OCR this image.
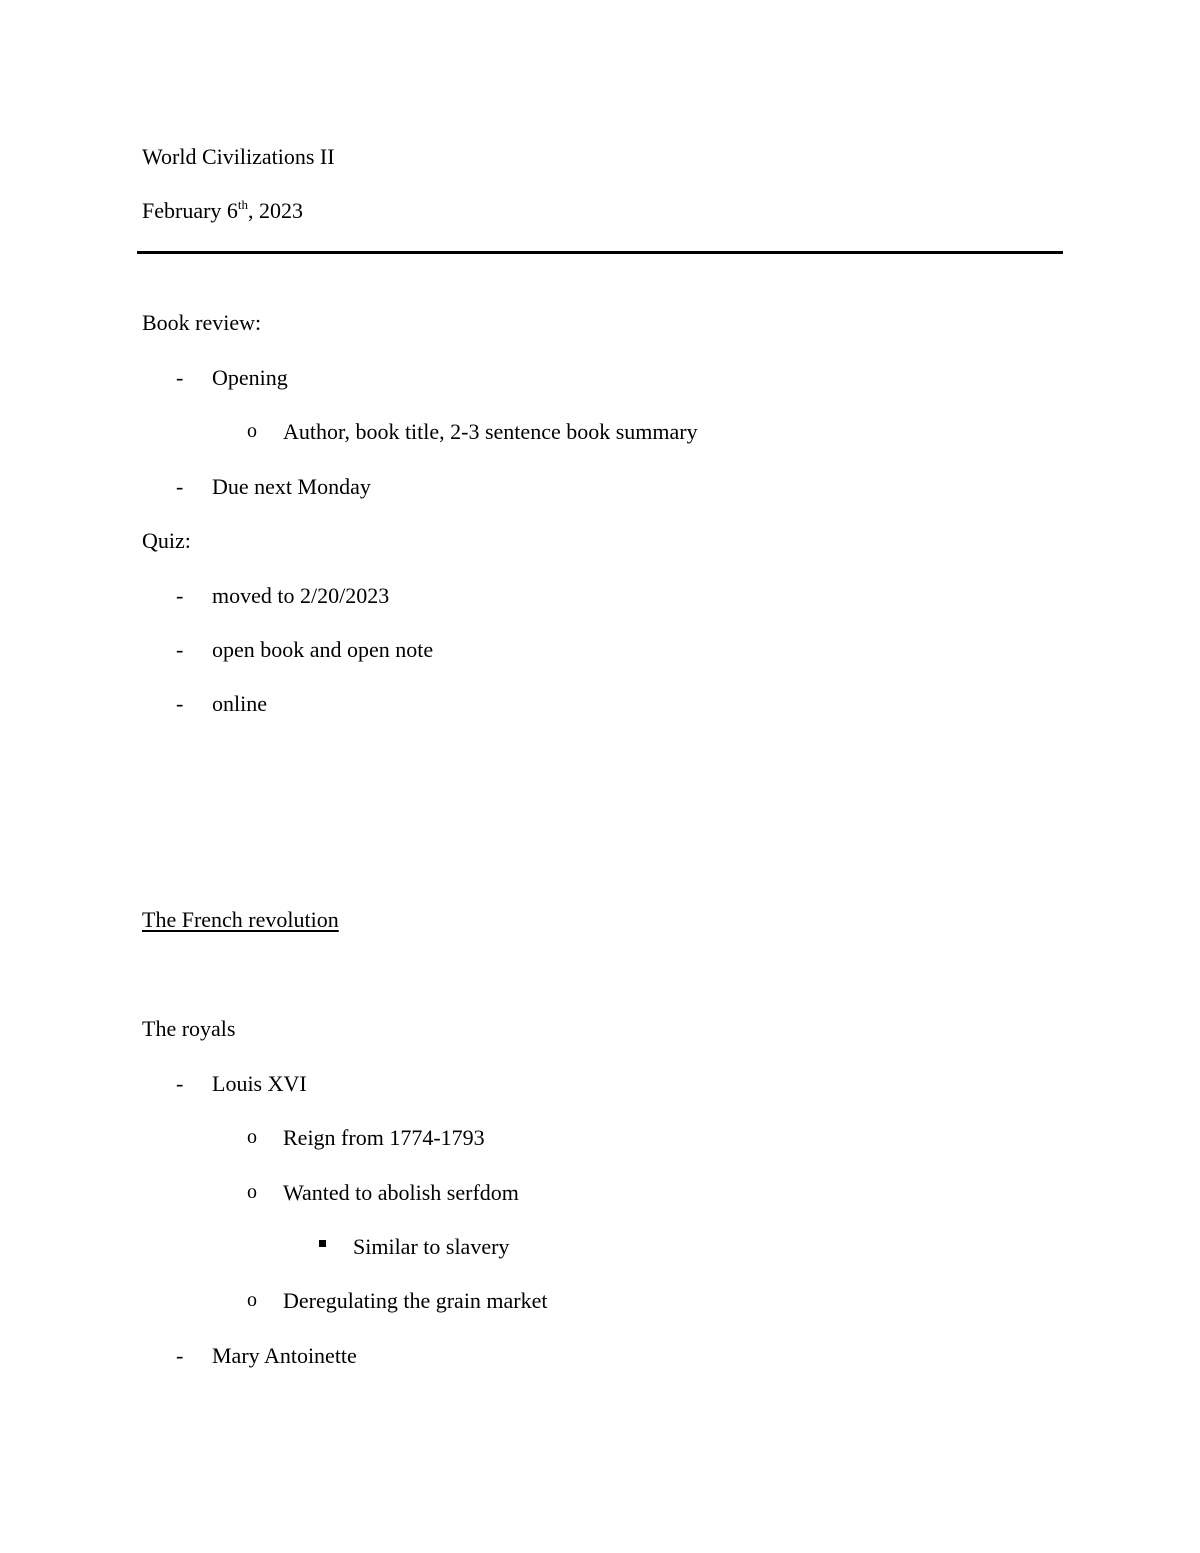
World Civilizations II
February 6th, 2023
Book review:
- Opening
o Author, book title, 2-3 sentence book summary
- Due next Monday
Quiz:
- moved to 2/20/2023
- open book and open note
- online
The French revolution
The royals
- Louis XVI
o Reign from 1774-1793
o Wanted to abolish serfdom
Similar to slavery
o Deregulating the grain market
- Mary Antoinette
